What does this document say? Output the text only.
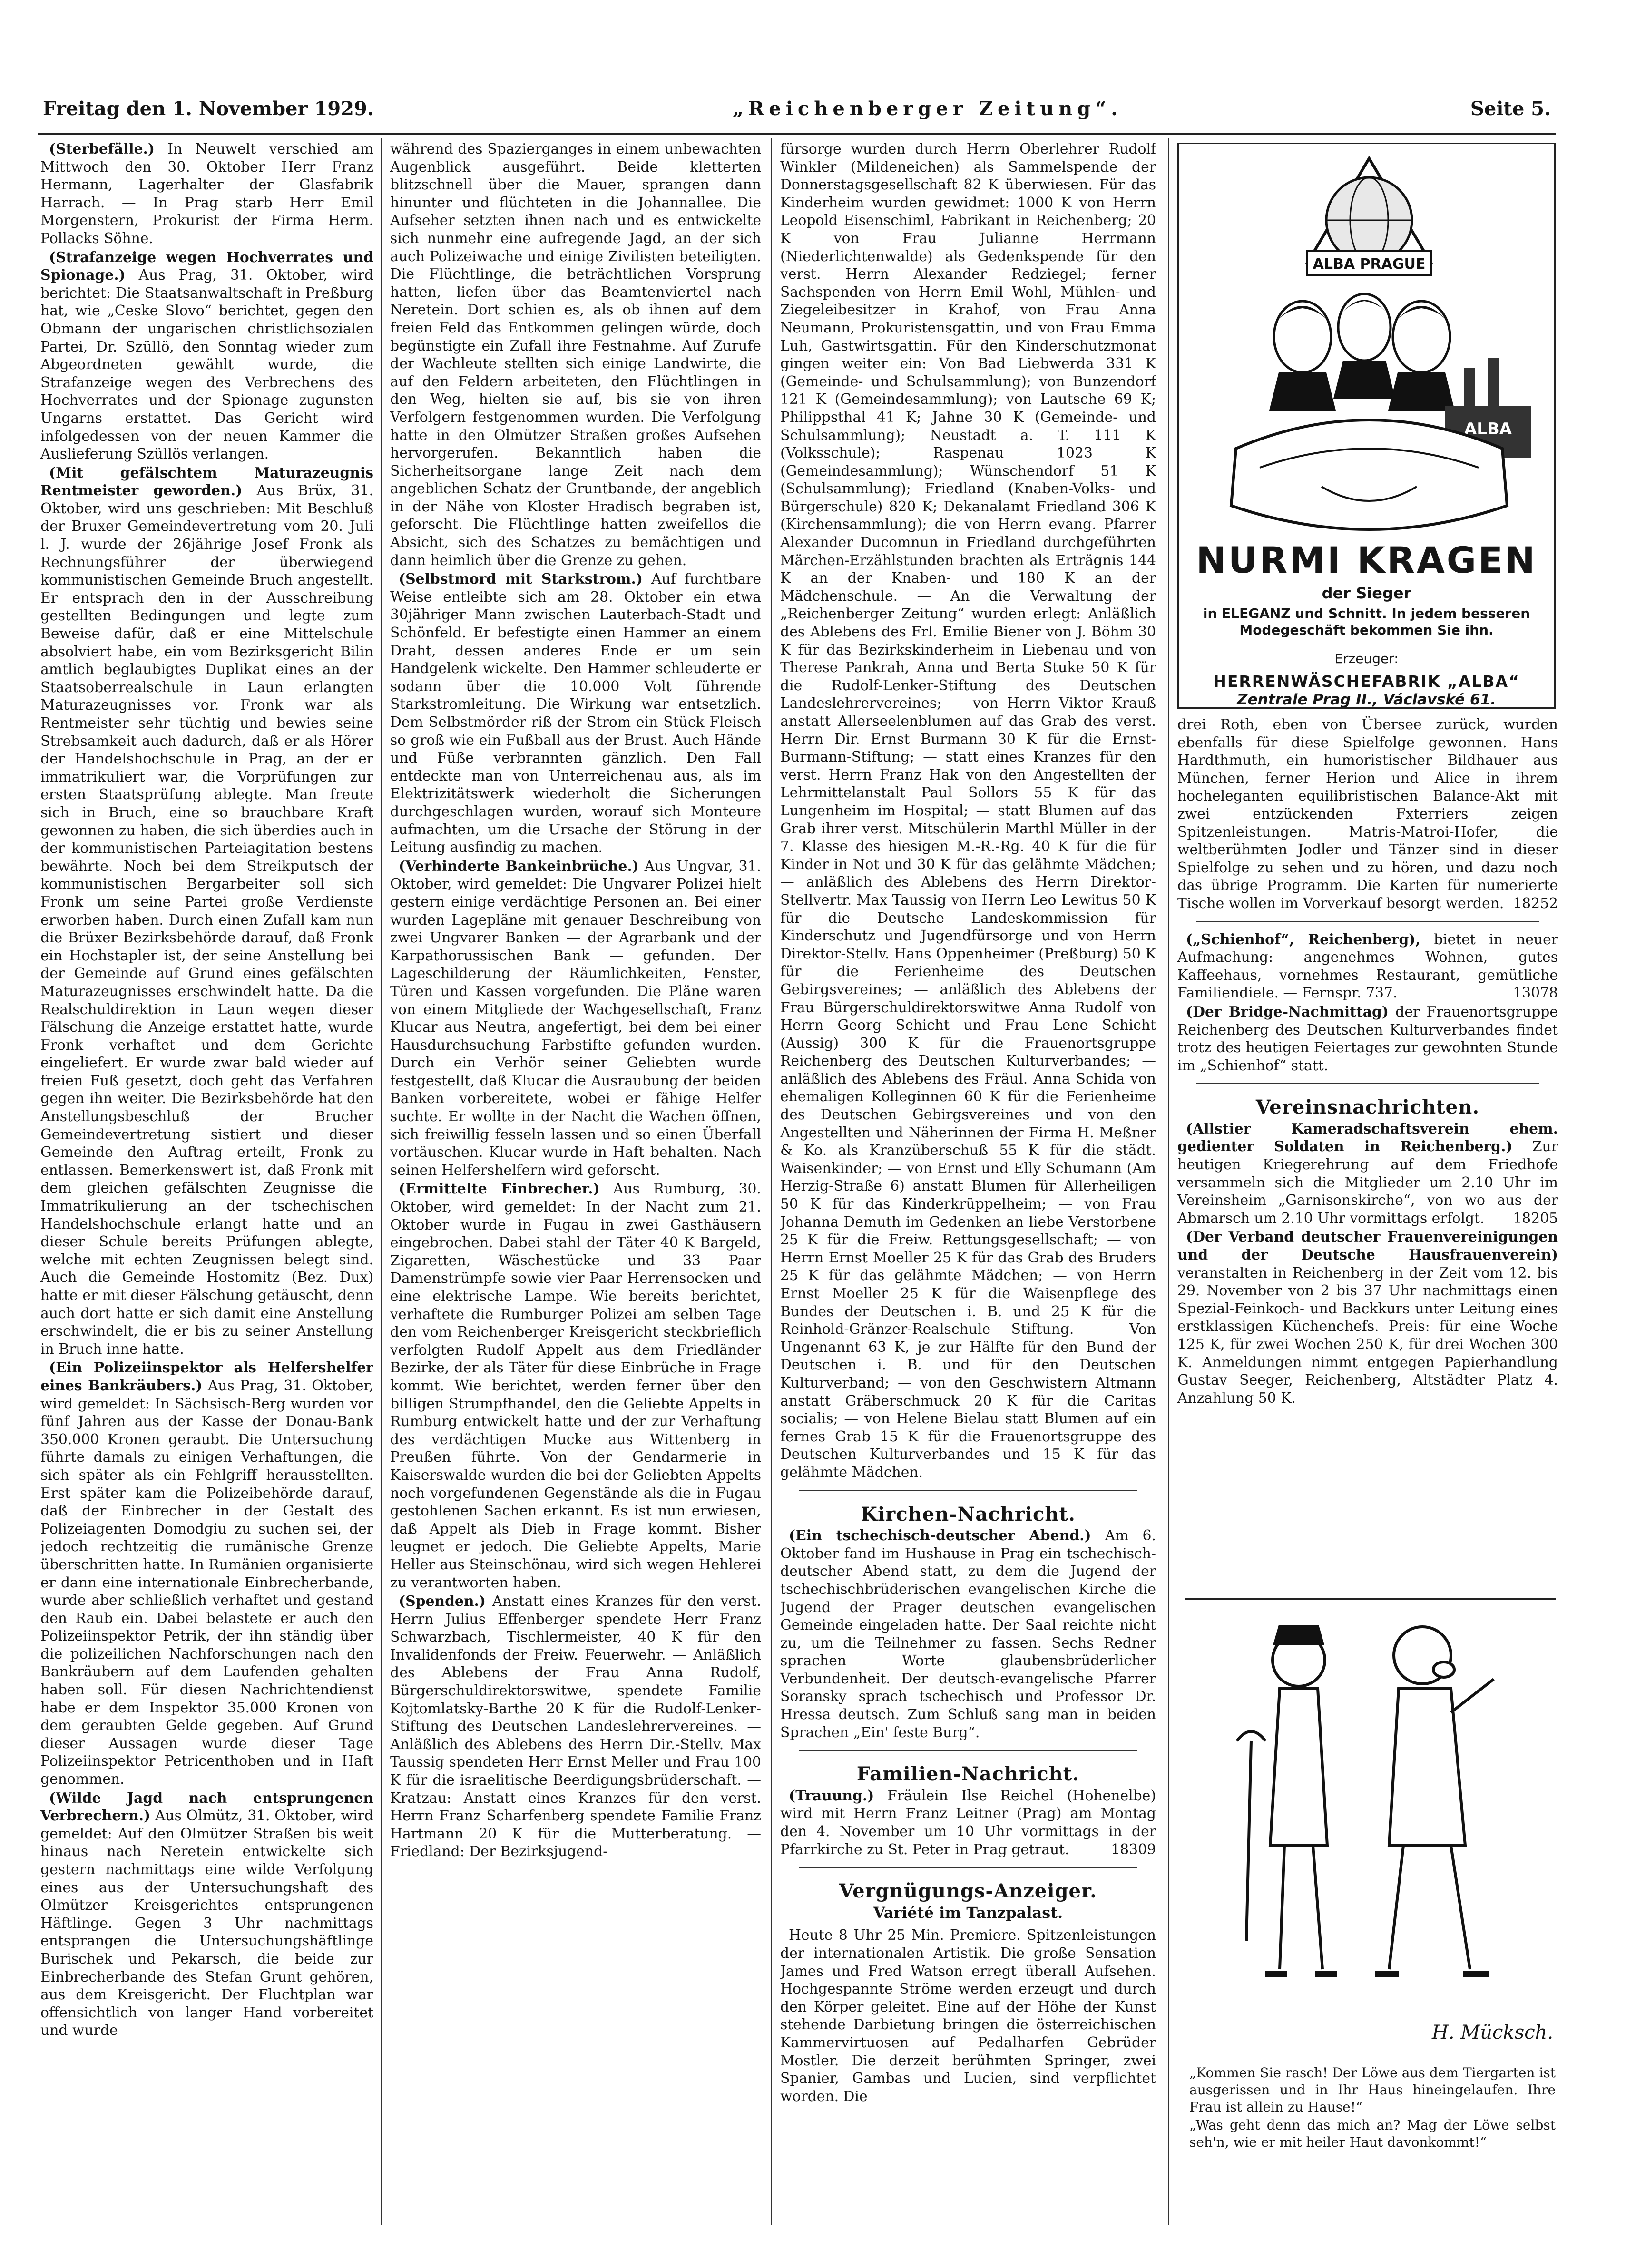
Freitag den 1. November 1929.	„Reichenberger Zeitung“.	Seite 5.

(Sterbefälle.) In Neuwelt verschied am Mittwoch den 30. Oktober Herr Franz Hermann, Lagerhalter der Glasfabrik Harrach. — In Prag starb Herr Emil Morgenstern, Prokurist der Firma Herm. Pollacks Söhne.

(Strafanzeige wegen Hochverrates und Spionage.) Aus Prag, 31. Oktober, wird berichtet: Die Staatsanwaltschaft in Preßburg hat, wie „Ceske Slovo“ berichtet, gegen den Obmann der ungarischen christlichsozialen Partei, Dr. Szüllö, den Sonntag wieder zum Abgeordneten gewählt wurde, die Strafanzeige wegen des Verbrechens des Hochverrates und der Spionage zugunsten Ungarns erstattet. Das Gericht wird infolgedessen von der neuen Kammer die Auslieferung Szüllös verlangen.

(Mit gefälschtem Maturazeugnis Rentmeister geworden.) Aus Brüx, 31. Oktober, wird uns geschrieben: Mit Beschluß der Bruxer Gemeindevertretung vom 20. Juli l. J. wurde der 26jährige Josef Fronk als Rechnungsführer der überwiegend kommunistischen Gemeinde Bruch angestellt. Er entsprach den in der Ausschreibung gestellten Bedingungen und legte zum Beweise dafür, daß er eine Mittelschule absolviert habe, ein vom Bezirksgericht Bilin amtlich beglaubigtes Duplikat eines an der Staatsoberrealschule in Laun erlangten Maturazeugnisses vor. Fronk war als Rentmeister sehr tüchtig und bewies seine Strebsamkeit auch dadurch, daß er als Hörer der Handelshochschule in Prag, an der er immatrikuliert war, die Vorprüfungen zur ersten Staatsprüfung ablegte. Man freute sich in Bruch, eine so brauchbare Kraft gewonnen zu haben, die sich überdies auch in der kommunistischen Parteiagitation bestens bewährte. Noch bei dem Streikputsch der kommunistischen Bergarbeiter soll sich Fronk um seine Partei große Verdienste erworben haben. Durch einen Zufall kam nun die Brüxer Bezirksbehörde darauf, daß Fronk ein Hochstapler ist, der seine Anstellung bei der Gemeinde auf Grund eines gefälschten Maturazeugnisses erschwindelt hatte. Da die Realschuldirektion in Laun wegen dieser Fälschung die Anzeige erstattet hatte, wurde Fronk verhaftet und dem Gerichte eingeliefert. Er wurde zwar bald wieder auf freien Fuß gesetzt, doch geht das Verfahren gegen ihn weiter. Die Bezirksbehörde hat den Anstellungsbeschluß der Brucher Gemeindevertretung sistiert und dieser Gemeinde den Auftrag erteilt, Fronk zu entlassen. Bemerkenswert ist, daß Fronk mit dem gleichen gefälschten Zeugnisse die Immatrikulierung an der tschechischen Handelshochschule erlangt hatte und an dieser Schule bereits Prüfungen ablegte, welche mit echten Zeugnissen belegt sind. Auch die Gemeinde Hostomitz (Bez. Dux) hatte er mit dieser Fälschung getäuscht, denn auch dort hatte er sich damit eine Anstellung erschwindelt, die er bis zu seiner Anstellung in Bruch inne hatte.

(Ein Polizeiinspektor als Helfershelfer eines Bankräubers.) Aus Prag, 31. Oktober, wird gemeldet: In Sächsisch-Berg wurden vor fünf Jahren aus der Kasse der Donau-Bank 350.000 Kronen geraubt. Die Untersuchung führte damals zu einigen Verhaftungen, die sich später als ein Fehlgriff herausstellten. Erst später kam die Polizeibehörde darauf, daß der Einbrecher in der Gestalt des Polizeiagenten Domodgiu zu suchen sei, der jedoch rechtzeitig die rumänische Grenze überschritten hatte. In Rumänien organisierte er dann eine internationale Einbrecherbande, wurde aber schließlich verhaftet und gestand den Raub ein. Dabei belastete er auch den Polizeiinspektor Petrik, der ihn ständig über die polizeilichen Nachforschungen nach den Bankräubern auf dem Laufenden gehalten haben soll. Für diesen Nachrichtendienst habe er dem Inspektor 35.000 Kronen von dem geraubten Gelde gegeben. Auf Grund dieser Aussagen wurde dieser Tage Polizeiinspektor Petricenthoben und in Haft genommen.

(Wilde Jagd nach entsprungenen Verbrechern.) Aus Olmütz, 31. Oktober, wird gemeldet: Auf den Olmützer Straßen bis weit hinaus nach Neretein entwickelte sich gestern nachmittags eine wilde Verfolgung eines aus der Untersuchungshaft des Olmützer Kreisgerichtes entsprungenen Häftlinge. Gegen 3 Uhr nachmittags entsprangen die Untersuchungshäftlinge Burischek und Pekarsch, die beide zur Einbrecherbande des Stefan Grunt gehören, aus dem Kreisgericht. Der Fluchtplan war offensichtlich von langer Hand vorbereitet und wurde

während des Spazierganges in einem unbewachten Augenblick ausgeführt. Beide kletterten blitzschnell über die Mauer, sprangen dann hinunter und flüchteten in die Johannallee. Die Aufseher setzten ihnen nach und es entwickelte sich nunmehr eine aufregende Jagd, an der sich auch Polizeiwache und einige Zivilisten beteiligten. Die Flüchtlinge, die beträchtlichen Vorsprung hatten, liefen über das Beamtenviertel nach Neretein. Dort schien es, als ob ihnen auf dem freien Feld das Entkommen gelingen würde, doch begünstigte ein Zufall ihre Festnahme. Auf Zurufe der Wachleute stellten sich einige Landwirte, die auf den Feldern arbeiteten, den Flüchtlingen in den Weg, hielten sie auf, bis sie von ihren Verfolgern festgenommen wurden. Die Verfolgung hatte in den Olmützer Straßen großes Aufsehen hervorgerufen. Bekanntlich haben die Sicherheitsorgane lange Zeit nach dem angeblichen Schatz der Gruntbande, der angeblich in der Nähe von Kloster Hradisch begraben ist, geforscht. Die Flüchtlinge hatten zweifellos die Absicht, sich des Schatzes zu bemächtigen und dann heimlich über die Grenze zu gehen.

(Selbstmord mit Starkstrom.) Auf furchtbare Weise entleibte sich am 28. Oktober ein etwa 30jähriger Mann zwischen Lauterbach-Stadt und Schönfeld. Er befestigte einen Hammer an einem Draht, dessen anderes Ende er um sein Handgelenk wickelte. Den Hammer schleuderte er sodann über die 10.000 Volt führende Starkstromleitung. Die Wirkung war entsetzlich. Dem Selbstmörder riß der Strom ein Stück Fleisch so groß wie ein Fußball aus der Brust. Auch Hände und Füße verbrannten gänzlich. Den Fall entdeckte man von Unterreichenau aus, als im Elektrizitätswerk wiederholt die Sicherungen durchgeschlagen wurden, worauf sich Monteure aufmachten, um die Ursache der Störung in der Leitung ausfindig zu machen.

(Verhinderte Bankeinbrüche.) Aus Ungvar, 31. Oktober, wird gemeldet: Die Ungvarer Polizei hielt gestern einige verdächtige Personen an. Bei einer wurden Lagepläne mit genauer Beschreibung von zwei Ungvarer Banken — der Agrarbank und der Karpathorussischen Bank — gefunden. Der Lageschilderung der Räumlichkeiten, Fenster, Türen und Kassen vorgefunden. Die Pläne waren von einem Mitgliede der Wachgesellschaft, Franz Klucar aus Neutra, angefertigt, bei dem bei einer Hausdurchsuchung Farbstifte gefunden wurden. Durch ein Verhör seiner Geliebten wurde festgestellt, daß Klucar die Ausraubung der beiden Banken vorbereitete, wobei er fähige Helfer suchte. Er wollte in der Nacht die Wachen öffnen, sich freiwillig fesseln lassen und so einen Überfall vortäuschen. Klucar wurde in Haft behalten. Nach seinen Helfershelfern wird geforscht.

(Ermittelte Einbrecher.) Aus Rumburg, 30. Oktober, wird gemeldet: In der Nacht zum 21. Oktober wurde in Fugau in zwei Gasthäusern eingebrochen. Dabei stahl der Täter 40 K Bargeld, Zigaretten, Wäschestücke und 33 Paar Damenstrümpfe sowie vier Paar Herrensocken und eine elektrische Lampe. Wie bereits berichtet, verhaftete die Rumburger Polizei am selben Tage den vom Reichenberger Kreisgericht steckbrieflich verfolgten Rudolf Appelt aus dem Friedländer Bezirke, der als Täter für diese Einbrüche in Frage kommt. Wie berichtet, werden ferner über den billigen Strumpfhandel, den die Geliebte Appelts in Rumburg entwickelt hatte und der zur Verhaftung des verdächtigen Mucke aus Wittenberg in Preußen führte. Von der Gendarmerie in Kaiserswalde wurden die bei der Geliebten Appelts noch vorgefundenen Gegenstände als die in Fugau gestohlenen Sachen erkannt. Es ist nun erwiesen, daß Appelt als Dieb in Frage kommt. Bisher leugnet er jedoch. Die Geliebte Appelts, Marie Heller aus Steinschönau, wird sich wegen Hehlerei zu verantworten haben.

(Spenden.) Anstatt eines Kranzes für den verst. Herrn Julius Effenberger spendete Herr Franz Schwarzbach, Tischlermeister, 40 K für den Invalidenfonds der Freiw. Feuerwehr. — Anläßlich des Ablebens der Frau Anna Rudolf, Bürgerschuldirektorswitwe, spendete Familie Kojtomlatsky-Barthe 20 K für die Rudolf-Lenker-Stiftung des Deutschen Landeslehrervereines. — Anläßlich des Ablebens des Herrn Dir.-Stellv. Max Taussig spendeten Herr Ernst Meller und Frau 100 K für die israelitische Beerdigungsbrüderschaft. — Kratzau: Anstatt eines Kranzes für den verst. Herrn Franz Scharfenberg spendete Familie Franz Hartmann 20 K für die Mutterberatung. — Friedland: Der Bezirksjugend-

fürsorge wurden durch Herrn Oberlehrer Rudolf Winkler (Mildeneichen) als Sammelspende der Donnerstagsgesellschaft 82 K überwiesen. Für das Kinderheim wurden gewidmet: 1000 K von Herrn Leopold Eisenschiml, Fabrikant in Reichenberg; 20 K von Frau Julianne Herrmann (Niederlichtenwalde) als Gedenkspende für den verst. Herrn Alexander Redziegel; ferner Sachspenden von Herrn Emil Wohl, Mühlen- und Ziegeleibesitzer in Krahof, von Frau Anna Neumann, Prokuristensgattin, und von Frau Emma Luh, Gastwirtsgattin. Für den Kinderschutzmonat gingen weiter ein: Von Bad Liebwerda 331 K (Gemeinde- und Schulsammlung); von Bunzendorf 121 K (Gemeindesammlung); von Lautsche 69 K; Philippsthal 41 K; Jahne 30 K (Gemeinde- und Schulsammlung); Neustadt a. T. 111 K (Volksschule); Raspenau 1023 K (Gemeindesammlung); Wünschendorf 51 K (Schulsammlung); Friedland (Knaben-Volks- und Bürgerschule) 820 K; Dekanalamt Friedland 306 K (Kirchensammlung); die von Herrn evang. Pfarrer Alexander Ducomnun in Friedland durchgeführten Märchen-Erzählstunden brachten als Erträgnis 144 K an der Knaben- und 180 K an der Mädchenschule. — An die Verwaltung der „Reichenberger Zeitung“ wurden erlegt: Anläßlich des Ablebens des Frl. Emilie Biener von J. Böhm 30 K für das Bezirkskinderheim in Liebenau und von Therese Pankrah, Anna und Berta Stuke 50 K für die Rudolf-Lenker-Stiftung des Deutschen Landeslehrervereines; — von Herrn Viktor Krauß anstatt Allerseelenblumen auf das Grab des verst. Herrn Dir. Ernst Burmann 30 K für die Ernst-Burmann-Stiftung; — statt eines Kranzes für den verst. Herrn Franz Hak von den Angestellten der Lehrmittelanstalt Paul Sollors 55 K für das Lungenheim im Hospital; — statt Blumen auf das Grab ihrer verst. Mitschülerin Marthl Müller in der 7. Klasse des hiesigen M.-R.-Rg. 40 K für die für Kinder in Not und 30 K für das gelähmte Mädchen; — anläßlich des Ablebens des Herrn Direktor-Stellvertr. Max Taussig von Herrn Leo Lewitus 50 K für die Deutsche Landeskommission für Kinderschutz und Jugendfürsorge und von Herrn Direktor-Stellv. Hans Oppenheimer (Preßburg) 50 K für die Ferienheime des Deutschen Gebirgsvereines; — anläßlich des Ablebens der Frau Bürgerschuldirektorswitwe Anna Rudolf von Herrn Georg Schicht und Frau Lene Schicht (Aussig) 300 K für die Frauenortsgruppe Reichenberg des Deutschen Kulturverbandes; — anläßlich des Ablebens des Fräul. Anna Schida von ehemaligen Kolleginnen 60 K für die Ferienheime des Deutschen Gebirgsvereines und von den Angestellten und Näherinnen der Firma H. Meßner & Ko. als Kranzüberschuß 55 K für die städt. Waisenkinder; — von Ernst und Elly Schumann (Am Herzig-Straße 6) anstatt Blumen für Allerheiligen 50 K für das Kinderkrüppelheim; — von Frau Johanna Demuth im Gedenken an liebe Verstorbene 25 K für die Freiw. Rettungsgesellschaft; — von Herrn Ernst Moeller 25 K für das Grab des Bruders 25 K für das gelähmte Mädchen; — von Herrn Ernst Moeller 25 K für die Waisenpflege des Bundes der Deutschen i. B. und 25 K für die Reinhold-Gränzer-Realschule Stiftung. — Von Ungenannt 63 K, je zur Hälfte für den Bund der Deutschen i. B. und für den Deutschen Kulturverband; — von den Geschwistern Altmann anstatt Gräberschmuck 20 K für die Caritas socialis; — von Helene Bielau statt Blumen auf ein fernes Grab 15 K für die Frauenortsgruppe des Deutschen Kulturverbandes und 15 K für das gelähmte Mädchen.

Kirchen-Nachricht.

(Ein tschechisch-deutscher Abend.) Am 6. Oktober fand im Hushause in Prag ein tschechisch-deutscher Abend statt, zu dem die Jugend der tschechischbrüderischen evangelischen Kirche die Jugend der Prager deutschen evangelischen Gemeinde eingeladen hatte. Der Saal reichte nicht zu, um die Teilnehmer zu fassen. Sechs Redner sprachen Worte glaubensbrüderlicher Verbundenheit. Der deutsch-evangelische Pfarrer Soransky sprach tschechisch und Professor Dr. Hressa deutsch. Zum Schluß sang man in beiden Sprachen „Ein' feste Burg“.

Familien-Nachricht.

(Trauung.) Fräulein Ilse Reichel (Hohenelbe) wird mit Herrn Franz Leitner (Prag) am Montag den 4. November um 10 Uhr vormittags in der Pfarrkirche zu St. Peter in Prag getraut.	18309

Vergnügungs-Anzeiger.
Variété im Tanzpalast.

Heute 8 Uhr 25 Min. Premiere. Spitzenleistungen der internationalen Artistik. Die große Sensation James und Fred Watson erregt überall Aufsehen. Hochgespannte Ströme werden erzeugt und durch den Körper geleitet. Eine auf der Höhe der Kunst stehende Darbietung bringen die österreichischen Kammervirtuosen auf Pedalharfen Gebrüder Mostler. Die derzeit berühmten Springer, zwei Spanier, Gambas und Lucien, sind verpflichtet worden. Die

ALBA PRAGUE
ALBA
NURMI KRAGEN
der Sieger
in ELEGANZ und Schnitt. In jedem besseren
Modegeschäft bekommen Sie ihn.
Erzeuger:
HERRENWÄSCHEFABRIK „ALBA“
Zentrale Prag II., Václavské 61.

drei Roth, eben von Übersee zurück, wurden ebenfalls für diese Spielfolge gewonnen. Hans Hardthmuth, ein humoristischer Bildhauer aus München, ferner Herion und Alice in ihrem hocheleganten equilibristischen Balance-Akt mit zwei entzückenden Fxterriers zeigen Spitzenleistungen. Matris-Matroi-Hofer, die weltberühmten Jodler und Tänzer sind in dieser Spielfolge zu sehen und zu hören, und dazu noch das übrige Programm. Die Karten für numerierte Tische wollen im Vorverkauf besorgt werden. 18252

(„Schienhof“, Reichenberg), bietet in neuer Aufmachung: angenehmes Wohnen, gutes Kaffeehaus, vornehmes Restaurant, gemütliche Familiendiele. — Fernspr. 737.	13078

(Der Bridge-Nachmittag) der Frauenortsgruppe Reichenberg des Deutschen Kulturverbandes findet trotz des heutigen Feiertages zur gewohnten Stunde im „Schienhof“ statt.

Vereinsnachrichten.

(Allstier Kameradschaftsverein ehem. gedienter Soldaten in Reichenberg.) Zur heutigen Kriegerehrung auf dem Friedhofe versammeln sich die Mitglieder um 2.10 Uhr im Vereinsheim „Garnisonskirche“, von wo aus der Abmarsch um 2.10 Uhr vormittags erfolgt.	18205

(Der Verband deutscher Frauenvereinigungen und der Deutsche Hausfrauenverein) veranstalten in Reichenberg in der Zeit vom 12. bis 29. November von 2 bis 37 Uhr nachmittags einen Spezial-Feinkoch- und Backkurs unter Leitung eines erstklassigen Küchenchefs. Preis: für eine Woche 125 K, für zwei Wochen 250 K, für drei Wochen 300 K. Anmeldungen nimmt entgegen Papierhandlung Gustav Seeger, Reichenberg, Altstädter Platz 4. Anzahlung 50 K.

H. Mücksch.
„Kommen Sie rasch! Der Löwe aus dem Tiergarten ist ausgerissen und in Ihr Haus hineingelaufen. Ihre Frau ist allein zu Hause!“
„Was geht denn das mich an? Mag der Löwe selbst seh'n, wie er mit heiler Haut davonkommt!“
